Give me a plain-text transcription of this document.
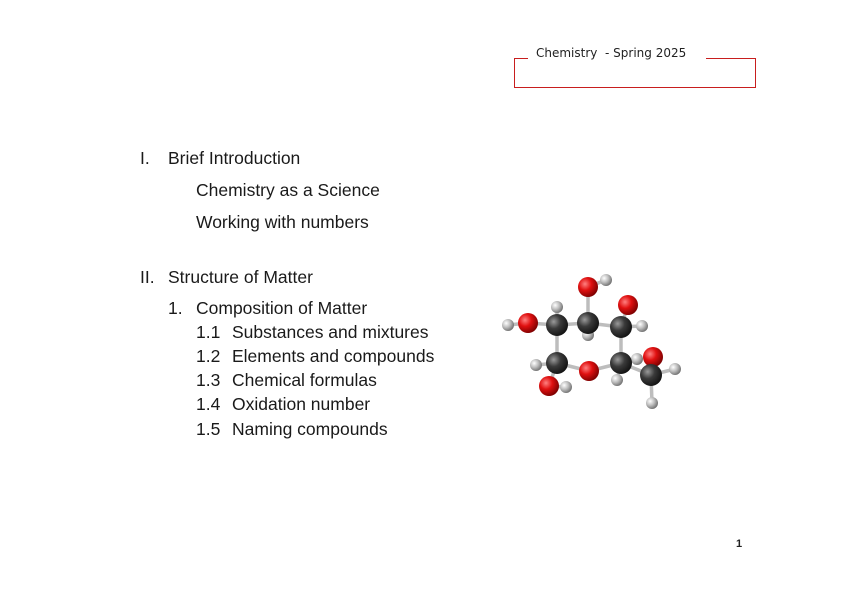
Chemistry  - Spring 2025
I. Brief Introduction
Chemistry as a Science
Working with numbers
II. Structure of Matter
1. Composition of Matter
1.1 Substances and mixtures
1.2 Elements and compounds
1.3 Chemical formulas
1.4 Oxidation number
1.5 Naming compounds
1
